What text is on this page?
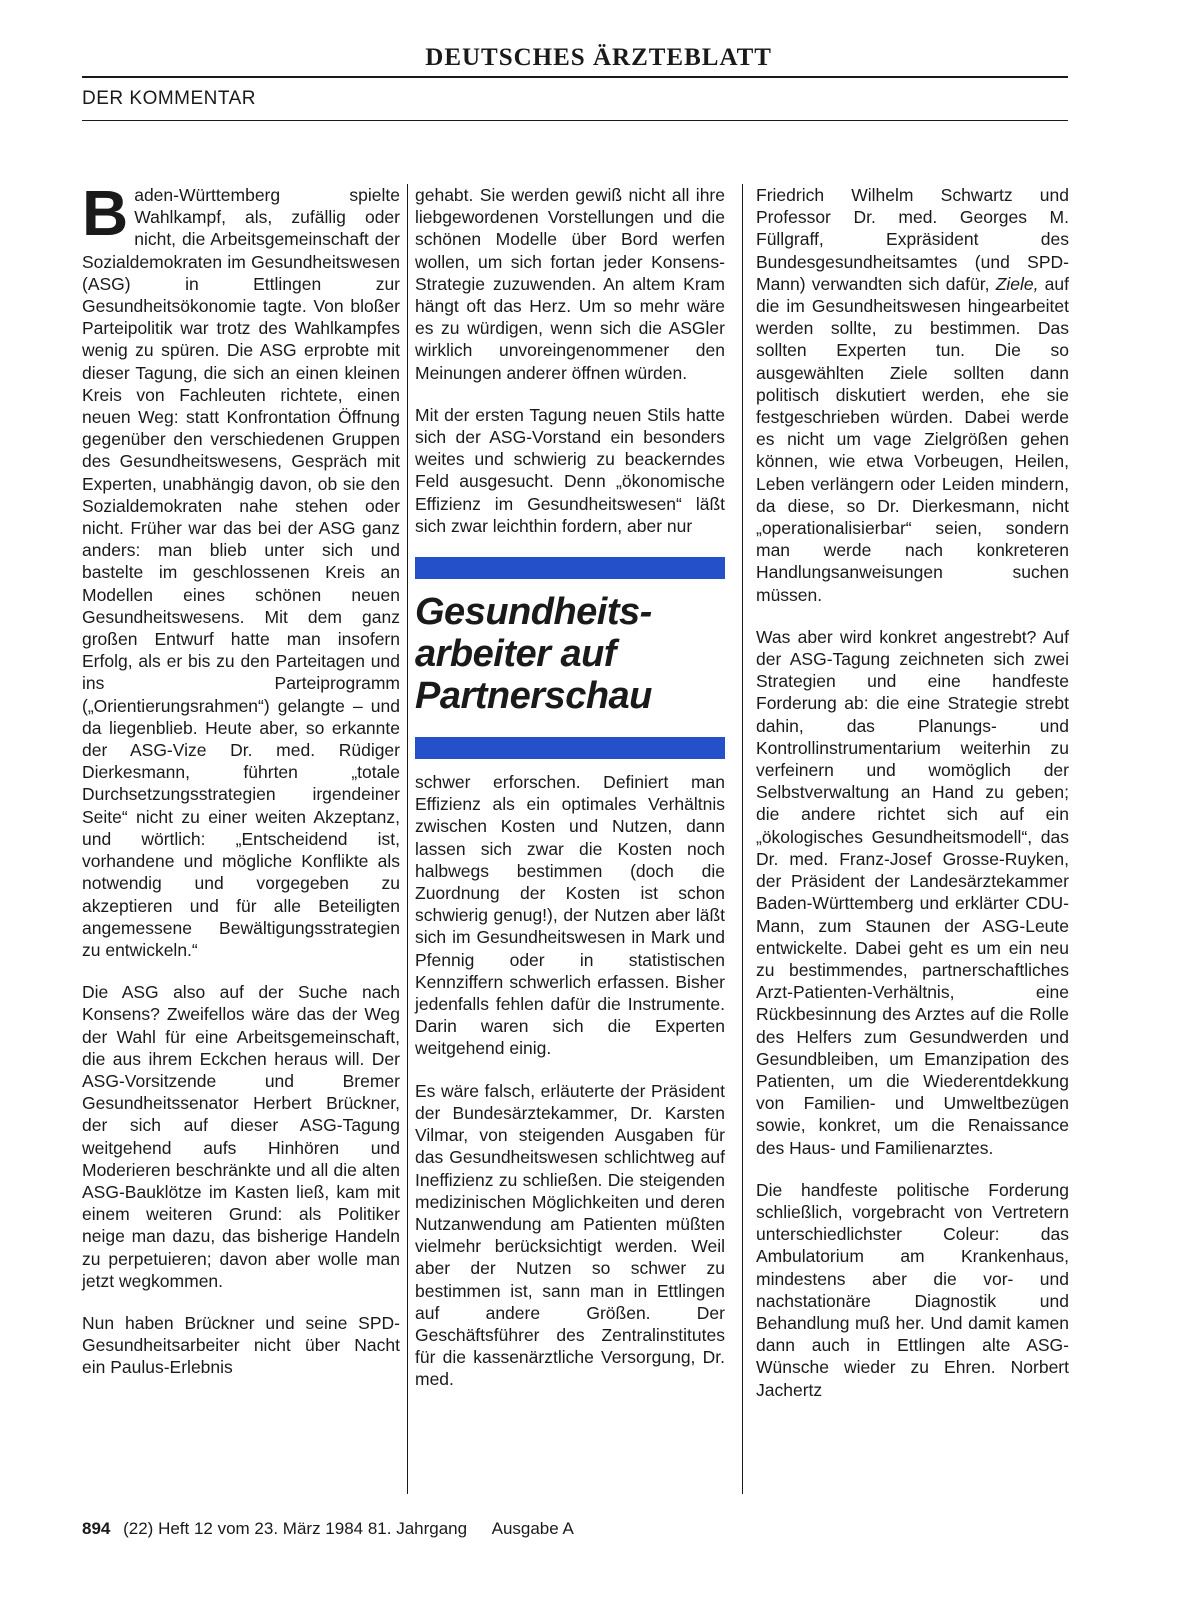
DEUTSCHES ÄRZTEBLATT
DER KOMMENTAR

Baden-Württemberg spielte Wahlkampf, als, zufällig oder nicht, die Arbeitsgemeinschaft der Sozialdemokraten im Gesundheitswesen (ASG) in Ettlingen zur Gesundheitsökonomie tagte. Von bloßer Parteipolitik war trotz des Wahlkampfes wenig zu spüren. Die ASG erprobte mit dieser Tagung, die sich an einen kleinen Kreis von Fachleuten richtete, einen neuen Weg: statt Konfrontation Öffnung gegenüber den verschiedenen Gruppen des Gesundheitswesens, Gespräch mit Experten, unabhängig davon, ob sie den Sozialdemokraten nahe stehen oder nicht. Früher war das bei der ASG ganz anders: man blieb unter sich und bastelte im geschlossenen Kreis an Modellen eines schönen neuen Gesundheitswesens. Mit dem ganz großen Entwurf hatte man insofern Erfolg, als er bis zu den Parteitagen und ins Parteiprogramm („Orientierungsrahmen“) gelangte – und da liegenblieb. Heute aber, so erkannte der ASG-Vize Dr. med. Rüdiger Dierkesmann, führten „totale Durchsetzungsstrategien irgendeiner Seite“ nicht zu einer weiten Akzeptanz, und wörtlich: „Entscheidend ist, vorhandene und mögliche Konflikte als notwendig und vorgegeben zu akzeptieren und für alle Beteiligten angemessene Bewältigungsstrategien zu entwickeln.“

Die ASG also auf der Suche nach Konsens? Zweifellos wäre das der Weg der Wahl für eine Arbeitsgemeinschaft, die aus ihrem Eckchen heraus will. Der ASG-Vorsitzende und Bremer Gesundheitssenator Herbert Brückner, der sich auf dieser ASG-Tagung weitgehend aufs Hinhören und Moderieren beschränkte und all die alten ASG-Bauklötze im Kasten ließ, kam mit einem weiteren Grund: als Politiker neige man dazu, das bisherige Handeln zu perpetuieren; davon aber wolle man jetzt wegkommen.

Nun haben Brückner und seine SPD-Gesundheitsarbeiter nicht über Nacht ein Paulus-Erlebnis

gehabt. Sie werden gewiß nicht all ihre liebgewordenen Vorstellungen und die schönen Modelle über Bord werfen wollen, um sich fortan jeder Konsens-Strategie zuzuwenden. An altem Kram hängt oft das Herz. Um so mehr wäre es zu würdigen, wenn sich die ASGler wirklich unvoreingenommener den Meinungen anderer öffnen würden.

Mit der ersten Tagung neuen Stils hatte sich der ASG-Vorstand ein besonders weites und schwierig zu beackerndes Feld ausgesucht. Denn „ökonomische Effizienz im Gesundheitswesen“ läßt sich zwar leichthin fordern, aber nur

Gesundheits-arbeiter auf Partnerschau

schwer erforschen. Definiert man Effizienz als ein optimales Verhältnis zwischen Kosten und Nutzen, dann lassen sich zwar die Kosten noch halbwegs bestimmen (doch die Zuordnung der Kosten ist schon schwierig genug!), der Nutzen aber läßt sich im Gesundheitswesen in Mark und Pfennig oder in statistischen Kennziffern schwerlich erfassen. Bisher jedenfalls fehlen dafür die Instrumente. Darin waren sich die Experten weitgehend einig.

Es wäre falsch, erläuterte der Präsident der Bundesärztekammer, Dr. Karsten Vilmar, von steigenden Ausgaben für das Gesundheitswesen schlichtweg auf Ineffizienz zu schließen. Die steigenden medizinischen Möglichkeiten und deren Nutzanwendung am Patienten müßten vielmehr berücksichtigt werden. Weil aber der Nutzen so schwer zu bestimmen ist, sann man in Ettlingen auf andere Größen. Der Geschäftsführer des Zentralinstitutes für die kassenärztliche Versorgung, Dr. med.

Friedrich Wilhelm Schwartz und Professor Dr. med. Georges M. Füllgraff, Expräsident des Bundesgesundheitsamtes (und SPD-Mann) verwandten sich dafür, Ziele, auf die im Gesundheitswesen hingearbeitet werden sollte, zu bestimmen. Das sollten Experten tun. Die so ausgewählten Ziele sollten dann politisch diskutiert werden, ehe sie festgeschrieben würden. Dabei werde es nicht um vage Zielgrößen gehen können, wie etwa Vorbeugen, Heilen, Leben verlängern oder Leiden mindern, da diese, so Dr. Dierkesmann, nicht „operationalisierbar“ seien, sondern man werde nach konkreteren Handlungsanweisungen suchen müssen.

Was aber wird konkret angestrebt? Auf der ASG-Tagung zeichneten sich zwei Strategien und eine handfeste Forderung ab: die eine Strategie strebt dahin, das Planungs- und Kontrollinstrumentarium weiterhin zu verfeinern und womöglich der Selbstverwaltung an Hand zu geben; die andere richtet sich auf ein „ökologisches Gesundheitsmodell“, das Dr. med. Franz-Josef Grosse-Ruyken, der Präsident der Landesärztekammer Baden-Württemberg und erklärter CDU-Mann, zum Staunen der ASG-Leute entwickelte. Dabei geht es um ein neu zu bestimmendes, partnerschaftliches Arzt-Patienten-Verhältnis, eine Rückbesinnung des Arztes auf die Rolle des Helfers zum Gesundwerden und Gesundbleiben, um Emanzipation des Patienten, um die Wiederentdekkung von Familien- und Umweltbezügen sowie, konkret, um die Renaissance des Haus- und Familienarztes.

Die handfeste politische Forderung schließlich, vorgebracht von Vertretern unterschiedlichster Coleur: das Ambulatorium am Krankenhaus, mindestens aber die vor- und nachstationäre Diagnostik und Behandlung muß her. Und damit kamen dann auch in Ettlingen alte ASG-Wünsche wieder zu Ehren. Norbert Jachertz

894 (22) Heft 12 vom 23. März 1984 81. Jahrgang Ausgabe A
